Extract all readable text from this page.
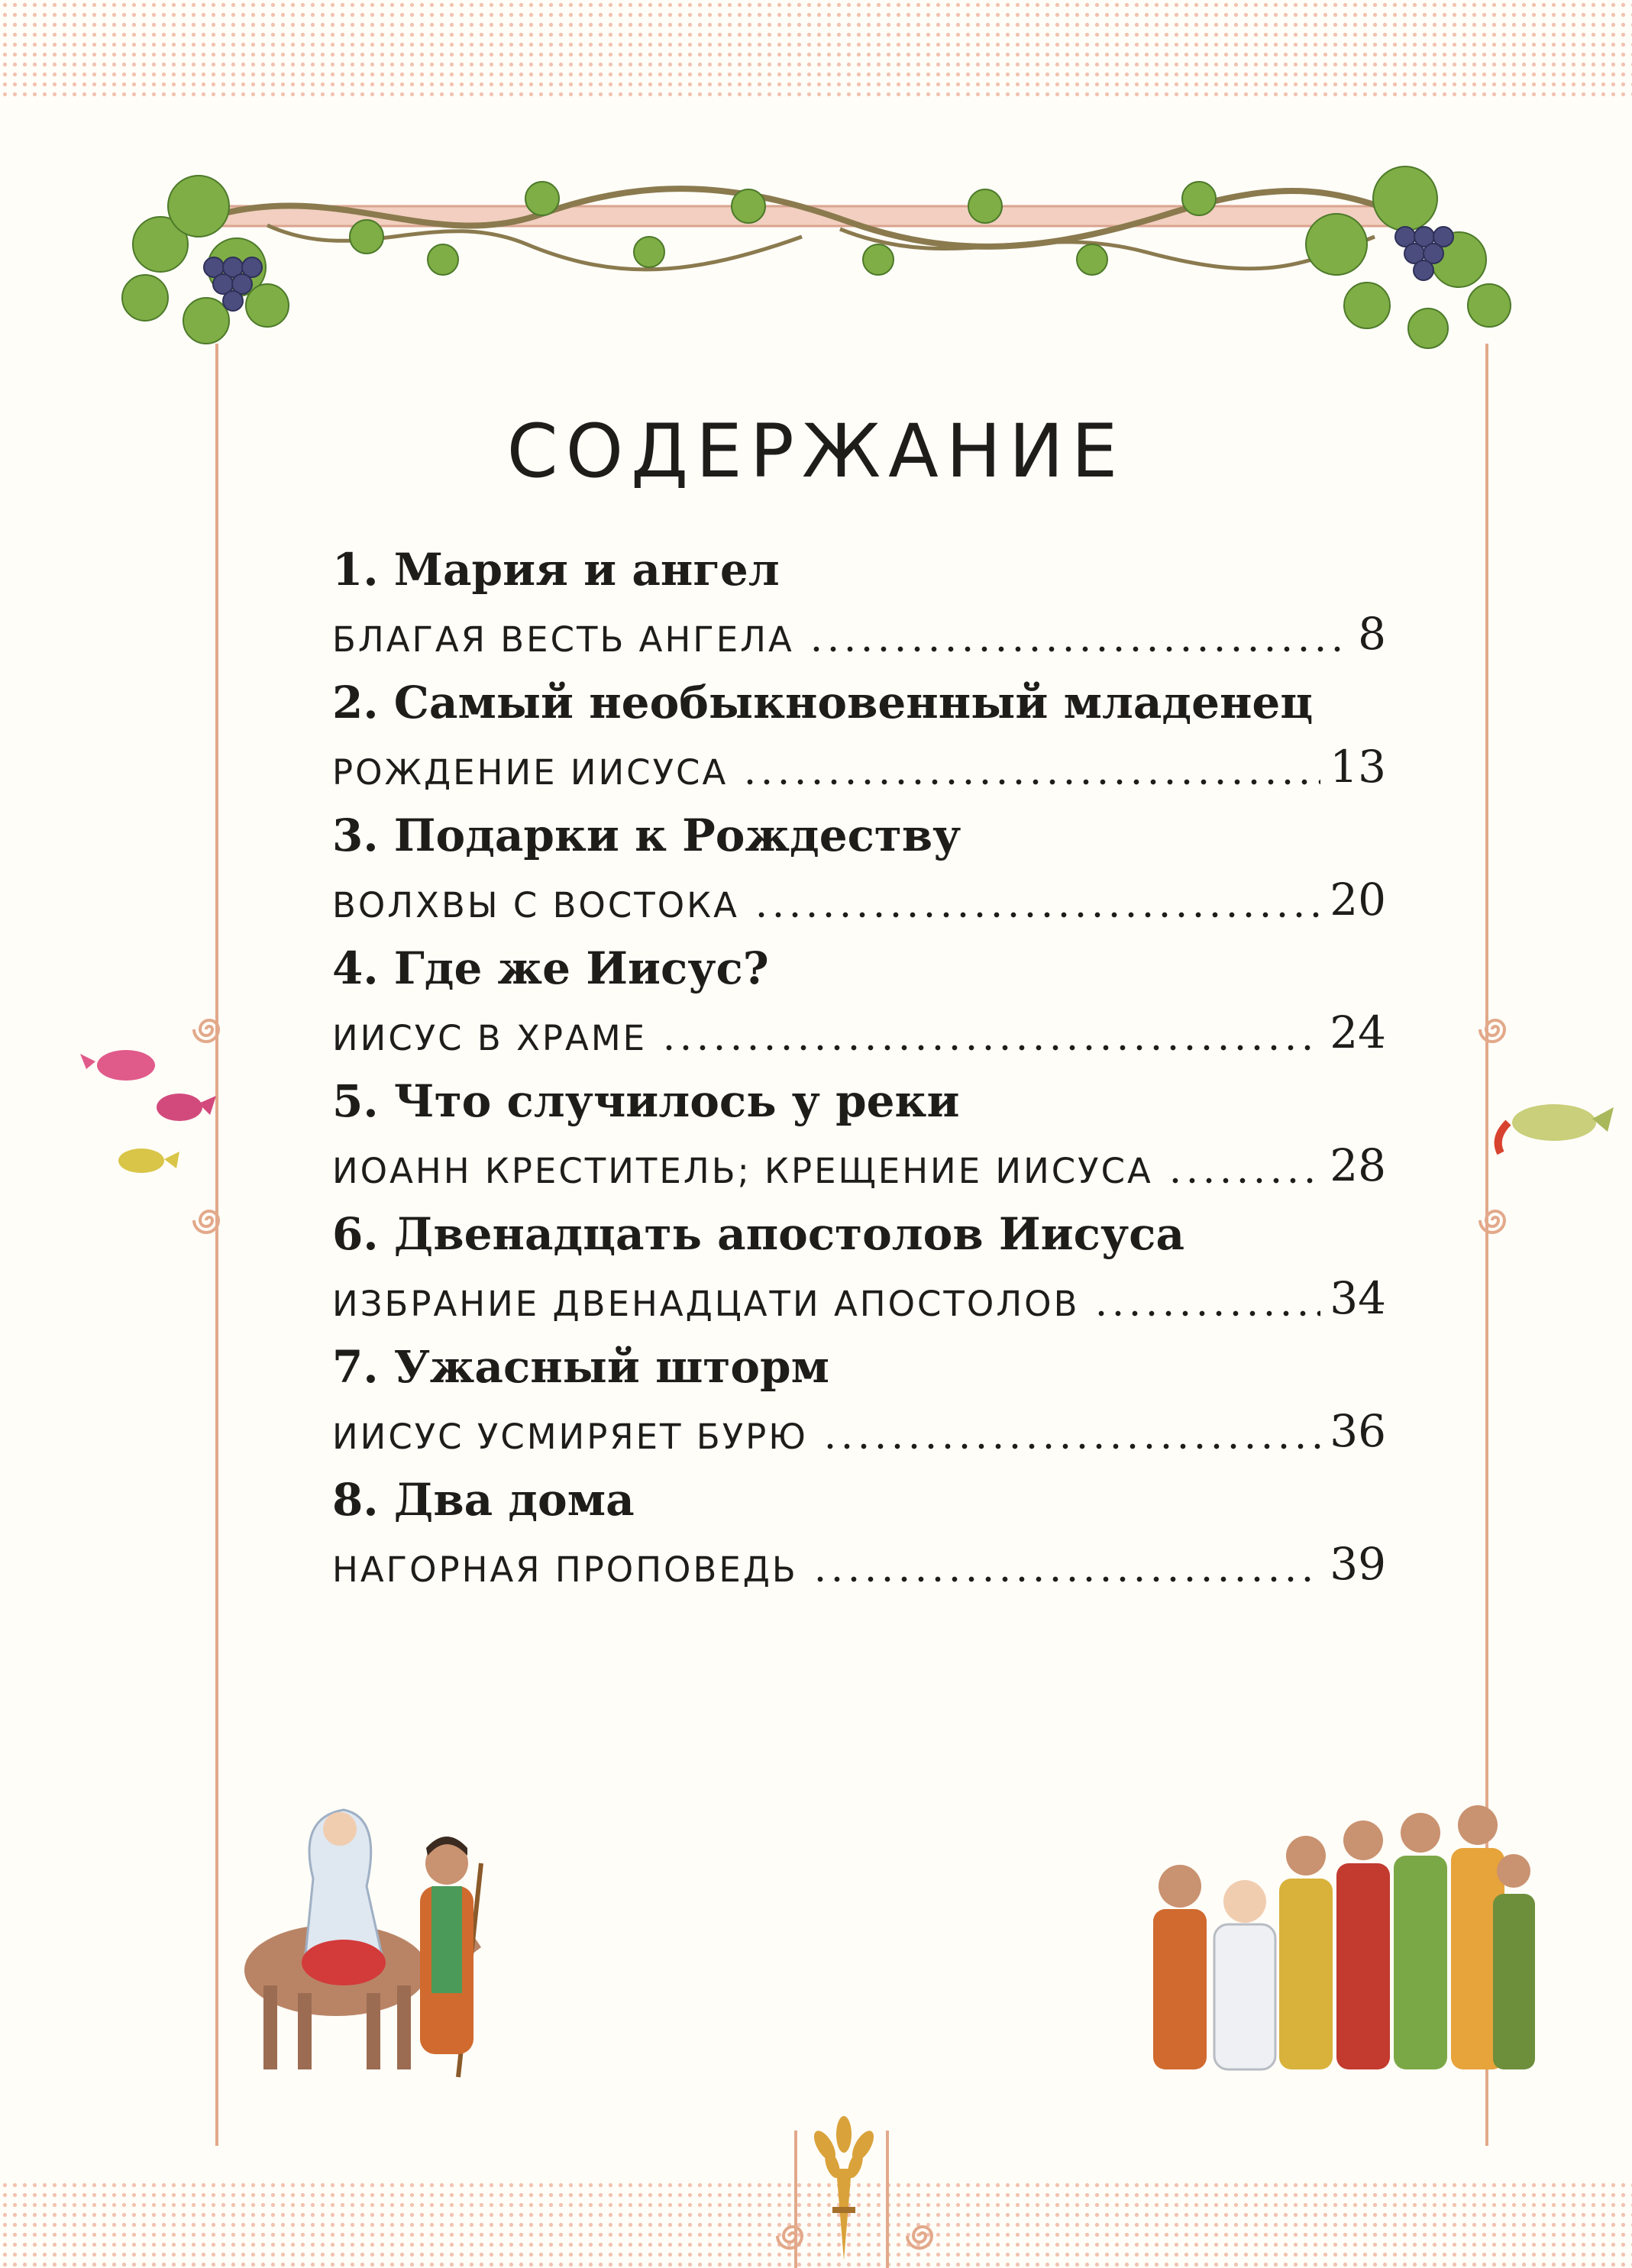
СОДЕРЖАНИЕ
1. Мария и ангел
БЛАГАЯ ВЕСТЬ АНГЕЛА	8
2. Самый необыкновенный младенец
РОЖДЕНИЕ ИИСУСА	13
3. Подарки к Рождеству
ВОЛХВЫ С ВОСТОКА	20
4. Где же Иисус?
ИИСУС В ХРАМЕ	24
5. Что случилось у реки
ИОАНН КРЕСТИТЕЛЬ; КРЕЩЕНИЕ ИИСУСА	28
6. Двенадцать апостолов Иисуса
ИЗБРАНИЕ ДВЕНАДЦАТИ АПОСТОЛОВ	34
7. Ужасный шторм
ИИСУС УСМИРЯЕТ БУРЮ	36
8. Два дома
НАГОРНАЯ ПРОПОВЕДЬ	39
